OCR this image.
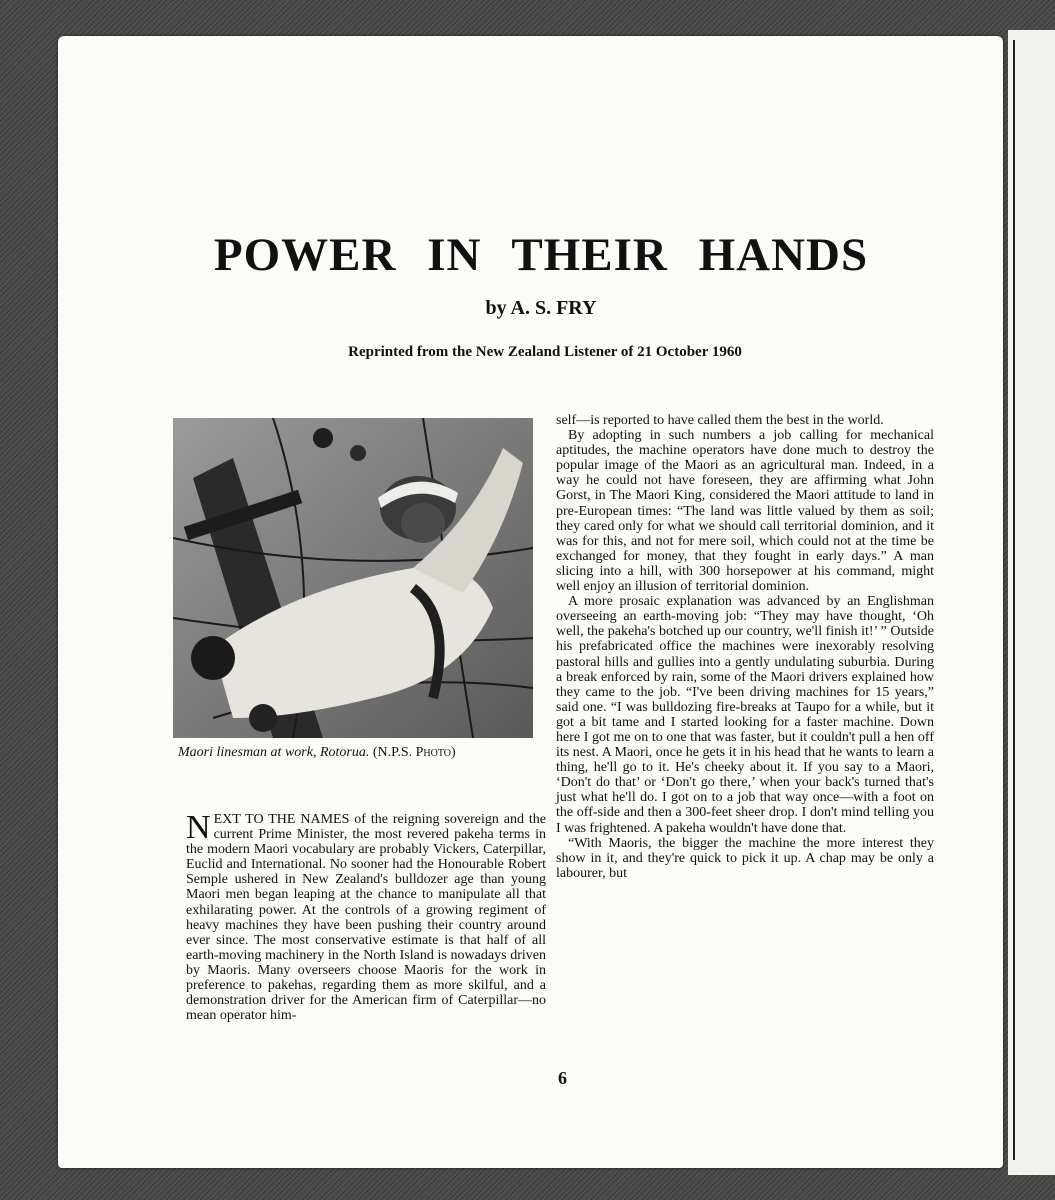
POWER IN THEIR HANDS
by A. S. FRY
Reprinted from the New Zealand Listener of 21 October 1960
Maori linesman at work, Rotorua. (N.P.S. Photo)

NEXT TO THE NAMES of the reigning sovereign and the current Prime Minister, the most revered pakeha terms in the modern Maori vocabulary are probably Vickers, Caterpillar, Euclid and International. No sooner had the Honourable Robert Semple ushered in New Zealand's bulldozer age than young Maori men began leaping at the chance to manipulate all that exhilarating power. At the controls of a growing regiment of heavy machines they have been pushing their country around ever since. The most conservative estimate is that half of all earth-moving machinery in the North Island is nowadays driven by Maoris. Many overseers choose Maoris for the work in preference to pakehas, regarding them as more skilful, and a demonstration driver for the American firm of Caterpillar—no mean operator him-

self—is reported to have called them the best in the world.

By adopting in such numbers a job calling for mechanical aptitudes, the machine operators have done much to destroy the popular image of the Maori as an agricultural man. Indeed, in a way he could not have foreseen, they are affirming what John Gorst, in The Maori King, considered the Maori attitude to land in pre-European times: “The land was little valued by them as soil; they cared only for what we should call territorial dominion, and it was for this, and not for mere soil, which could not at the time be exchanged for money, that they fought in early days.” A man slicing into a hill, with 300 horsepower at his command, might well enjoy an illusion of territorial dominion.

A more prosaic explanation was advanced by an Englishman overseeing an earth-moving job: “They may have thought, ‘Oh well, the pakeha's botched up our country, we'll finish it!’ ” Outside his prefabricated office the machines were inexorably resolving pastoral hills and gullies into a gently undulating suburbia. During a break enforced by rain, some of the Maori drivers explained how they came to the job. “I've been driving machines for 15 years,” said one. “I was bulldozing fire-breaks at Taupo for a while, but it got a bit tame and I started looking for a faster machine. Down here I got me on to one that was faster, but it couldn't pull a hen off its nest. A Maori, once he gets it in his head that he wants to learn a thing, he'll go to it. He's cheeky about it. If you say to a Maori, ‘Don't do that’ or ‘Don't go there,’ when your back's turned that's just what he'll do. I got on to a job that way once—with a foot on the off-side and then a 300-feet sheer drop. I don't mind telling you I was frightened. A pakeha wouldn't have done that.

“With Maoris, the bigger the machine the more interest they show in it, and they're quick to pick it up. A chap may be only a labourer, but

6
